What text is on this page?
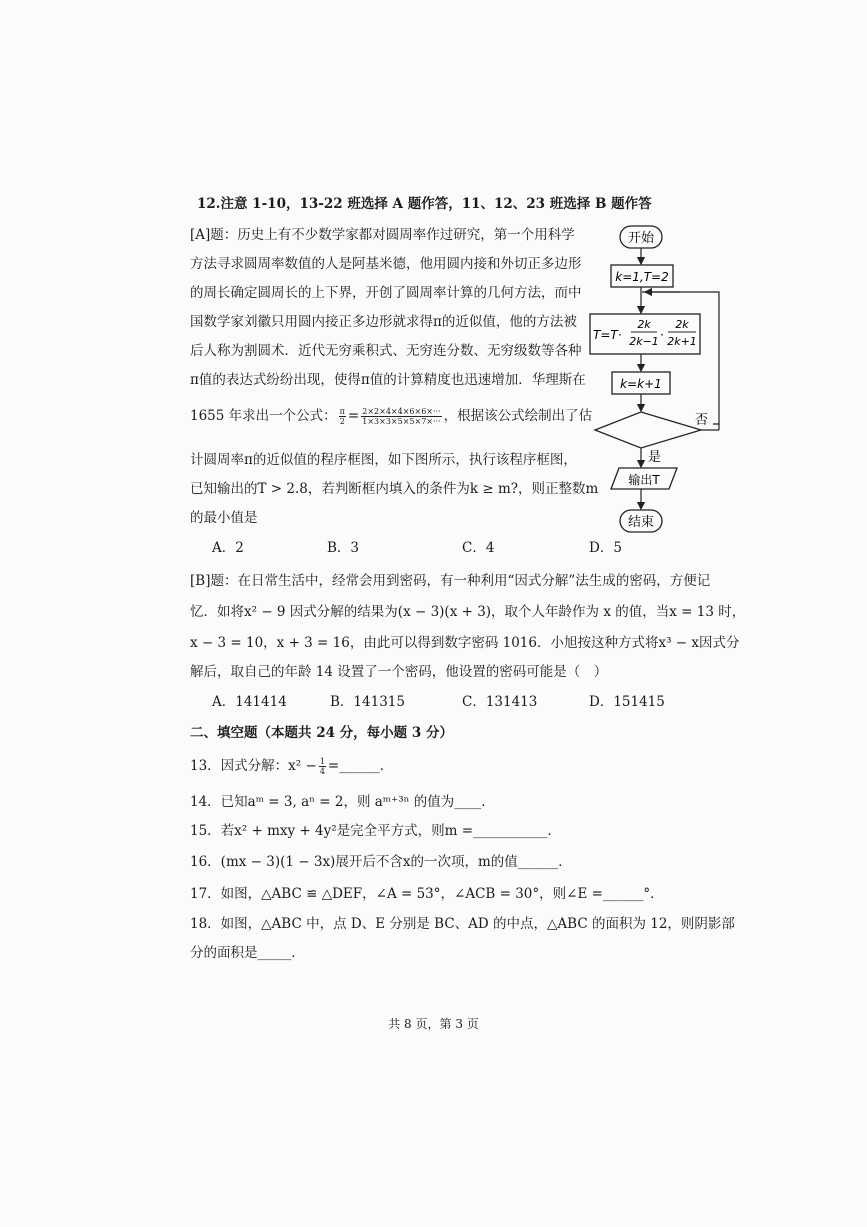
12.注意 1-10，13-22 班选择 A 题作答，11、12、23 班选择 B 题作答
[A]题：历史上有不少数学家都对圆周率作过研究，第一个用科学
方法寻求圆周率数值的人是阿基米德，他用圆内接和外切正多边形
的周长确定圆周长的上下界，开创了圆周率计算的几何方法，而中
国数学家刘徽只用圆内接正多边形就求得π的近似值，他的方法被
后人称为割圆术．近代无穷乘积式、无穷连分数、无穷级数等各种
π值的表达式纷纷出现，使得π值的计算精度也迅速增加．华理斯在
1655 年求出一个公式： $\frac{\pi}{2} = \frac{2\times 2\times 4\times 4\times 6\times 6\times\cdot\cdot\cdot}{1\times 3\times 3\times 5\times 5\times 7\times\cdot\cdot\cdot}$ ，根据该公式绘制出了估
计圆周率π的近似值的程序框图，如下图所示，执行该程序框图，
已知输出的T > 2.8，若判断框内填入的条件为k ≥ m?，则正整数m
的最小值是
A．2	B．3	C．4	D．5
开始
k=1,T=2
T=T·
2k
2k−1 ·
2k
2k+1
k=k+1
否
是
输出T
结束
[B]题：在日常生活中，经常会用到密码，有一种利用“因式分解”法生成的密码，方便记
忆．如将x² − 9 因式分解的结果为(x − 3)(x + 3)，取个人年龄作为 x 的值，当x = 13 时，
x − 3 = 10，x + 3 = 16，由此可以得到数字密码 1016．小旭按这种方式将x³ − x因式分
解后，取自己的年龄 14 设置了一个密码，他设置的密码可能是（　）
A．141414	B．141315	C．131413	D．151415
二、填空题（本题共 24 分，每小题 3 分）
13．因式分解：$x^2 - \frac{1}{4}$ =______．
14．已知aᵐ = 3, aⁿ = 2，则 aᵐ⁺³ⁿ 的值为____．
15．若x² + mxy + 4y²是完全平方式，则m =___________．
16．(mx − 3)(1 − 3x)展开后不含x的一次项，m的值______．
17．如图，△ABC ≌ △DEF，∠A = 53°，∠ACB = 30°，则∠E =______°．
18．如图，△ABC 中，点 D、E 分别是 BC、AD 的中点，△ABC 的面积为 12，则阴影部
分的面积是_____．
共 8 页，第 3 页
